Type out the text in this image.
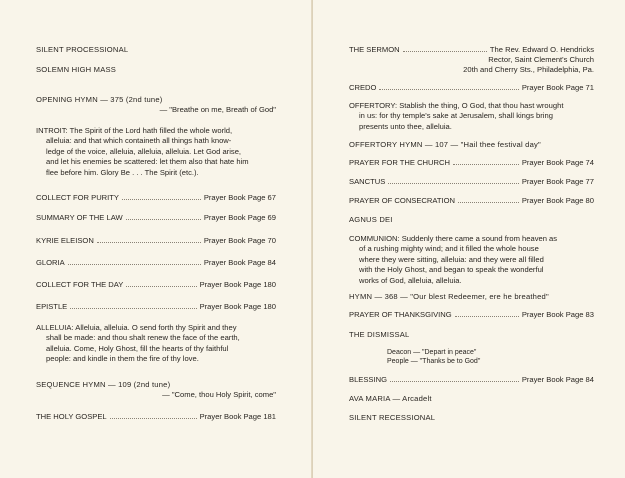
SILENT PROCESSIONAL
SOLEMN HIGH MASS
OPENING HYMN — 375 (2nd tune)
— "Breathe on me, Breath of God"
INTROIT: The Spirit of the Lord hath filled the whole world,
alleluia: and that which containeth all things hath know-
ledge of the voice, alleluia, alleluia, alleluia. Let God arise,
and let his enemies be scattered: let them also that hate him
flee before him. Glory Be . . . The Spirit (etc.).
COLLECT FOR PURITY	Prayer Book Page 67
SUMMARY OF THE LAW	Prayer Book Page 69
KYRIE ELEISON	Prayer Book Page 70
GLORIA	Prayer Book Page 84
COLLECT FOR THE DAY	Prayer Book Page 180
EPISTLE	Prayer Book Page 180
ALLELUIA: Alleluia, alleluia. O send forth thy Spirit and they
shall be made: and thou shalt renew the face of the earth,
alleluia. Come, Holy Ghost, fill the hearts of thy faithful
people: and kindle in them the fire of thy love.
SEQUENCE HYMN — 109 (2nd tune)
— "Come, thou Holy Spirit, come"
THE HOLY GOSPEL	Prayer Book Page 181
THE SERMON	The Rev. Edward O. Hendricks
Rector, Saint Clement's Church
20th and Cherry Sts., Philadelphia, Pa.
CREDO	Prayer Book Page 71
OFFERTORY: Stablish the thing, O God, that thou hast wrought
in us: for thy temple's sake at Jerusalem, shall kings bring
presents unto thee, alleluia.
OFFERTORY HYMN — 107 — "Hail thee festival day"
PRAYER FOR THE CHURCH	Prayer Book Page 74
SANCTUS	Prayer Book Page 77
PRAYER OF CONSECRATION	Prayer Book Page 80
AGNUS DEI
COMMUNION: Suddenly there came a sound from heaven as
of a rushing mighty wind; and it filled the whole house
where they were sitting, alleluia: and they were all filled
with the Holy Ghost, and began to speak the wonderful
works of God, alleluia, alleluia.
HYMN — 368 — "Our blest Redeemer, ere he breathed"
PRAYER OF THANKSGIVING	Prayer Book Page 83
THE DISMISSAL
Deacon — "Depart in peace"
People — "Thanks be to God"
BLESSING	Prayer Book Page 84
AVA MARIA — Arcadelt
SILENT RECESSIONAL
